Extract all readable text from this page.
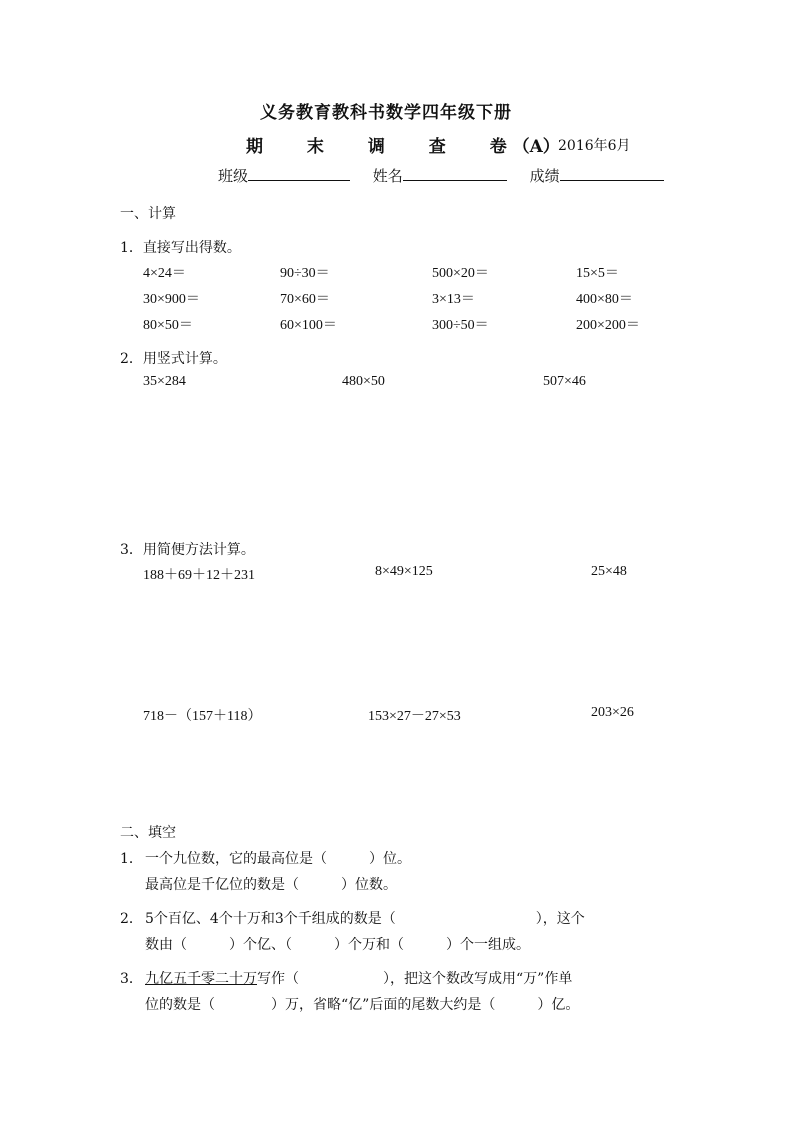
义务教育教科书数学四年级下册
期	末	调	查	卷 （A）
2016年6月
班级	姓名	成绩
一、计算
1．直接写出得数。
4×24＝	90÷30＝	500×20＝	15×5＝
30×900＝	70×60＝	3×13＝	400×80＝
80×50＝	60×100＝	300÷50＝	200×200＝
2．用竖式计算。
35×284	480×50	507×46
3．用简便方法计算。
188＋69＋12＋231	8×49×125	25×48
718－（157＋118）	153×27－27×53	203×26
二、填空
1． 一个九位数，它的最高位是（　　　）位。
最高位是千亿位的数是（　　　）位数。
2． 5个百亿、4个十万和3个千组成的数是（　　　　　　　　　　），这个
数由（　　　）个亿、（　　　）个万和（　　　）个一组成。
3． 九亿五千零二十万写作（　　　　　　），把这个数改写成用“万”作单
位的数是（　　　　）万，省略“亿”后面的尾数大约是（　　　）亿。
